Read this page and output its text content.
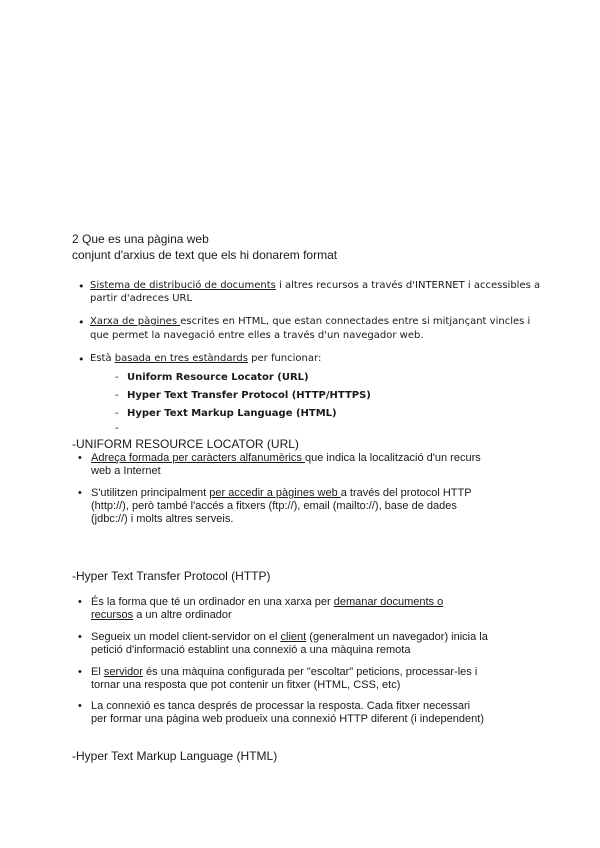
2 Que es una pàgina web
conjunt d'arxius de text que els hi donarem format
• Sistema de distribució de documents i altres recursos a través d'INTERNET i accessibles a
partir d'adreces URL
• Xarxa de pàgines escrites en HTML, que estan connectades entre si mitjançant vincles i
que permet la navegació entre elles a través d'un navegador web.
• Està basada en tres estàndards per funcionar:
- Uniform Resource Locator (URL)
- Hyper Text Transfer Protocol (HTTP/HTTPS)
- Hyper Text Markup Language (HTML)
-
-UNIFORM RESOURCE LOCATOR (URL)
• Adreça formada per caràcters alfanumèrics que indica la localització d'un recurs
web a Internet
• S'utilitzen principalment per accedir a pàgines web a través del protocol HTTP
(http://), però també l'accés a fitxers (ftp://), email (mailto://), base de dades
(jdbc://) i molts altres serveis.
-Hyper Text Transfer Protocol (HTTP)
• És la forma que té un ordinador en una xarxa per demanar documents o
recursos a un altre ordinador
• Segueix un model client-servidor on el client (generalment un navegador) inicia la
petició d'informació establint una connexió a una màquina remota
• El servidor és una màquina configurada per "escoltar" peticions, processar-les i
tornar una resposta que pot contenir un fitxer (HTML, CSS, etc)
• La connexió es tanca després de processar la resposta. Cada fitxer necessari
per formar una pàgina web produeix una connexió HTTP diferent (i independent)
-Hyper Text Markup Language (HTML)
